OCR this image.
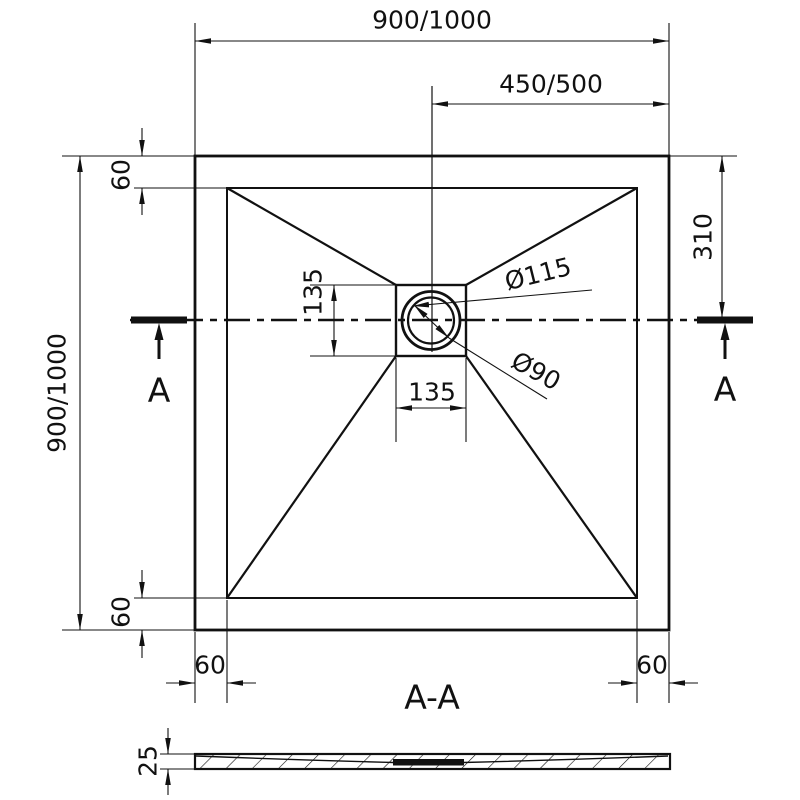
900/1000
450/500
900/1000
60
60
310
135
135
60	60
Ø115
Ø90
25
A	A
A-A
